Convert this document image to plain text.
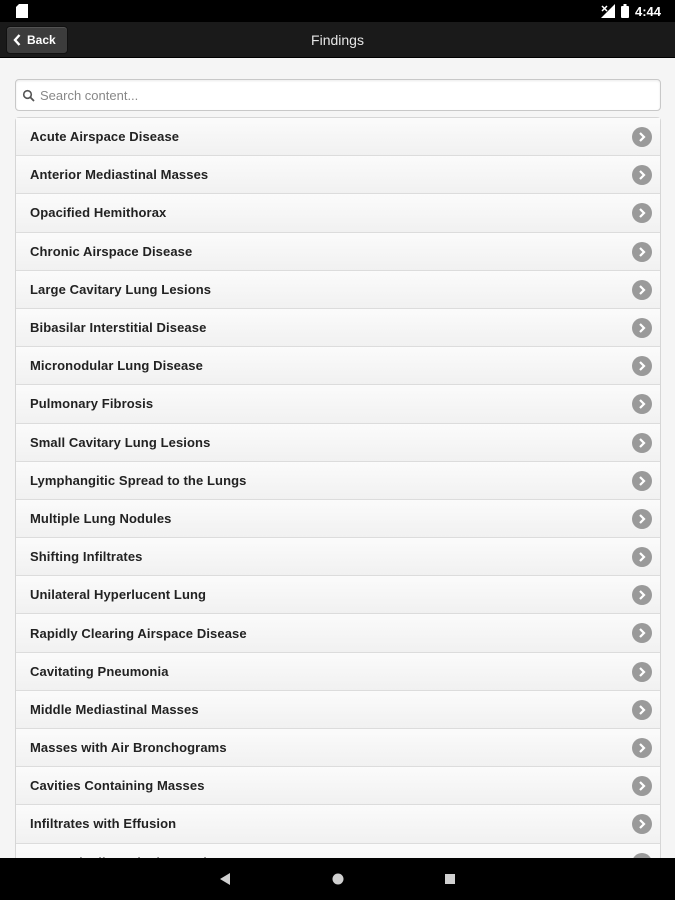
4:44
Back	Findings
Search content...
Acute Airspace Disease
Anterior Mediastinal Masses
Opacified Hemithorax
Chronic Airspace Disease
Large Cavitary Lung Lesions
Bibasilar Interstitial Disease
Micronodular Lung Disease
Pulmonary Fibrosis
Small Cavitary Lung Lesions
Lymphangitic Spread to the Lungs
Multiple Lung Nodules
Shifting Infiltrates
Unilateral Hyperlucent Lung
Rapidly Clearing Airspace Disease
Cavitating Pneumonia
Middle Mediastinal Masses
Masses with Air Bronchograms
Cavities Containing Masses
Infiltrates with Effusion
